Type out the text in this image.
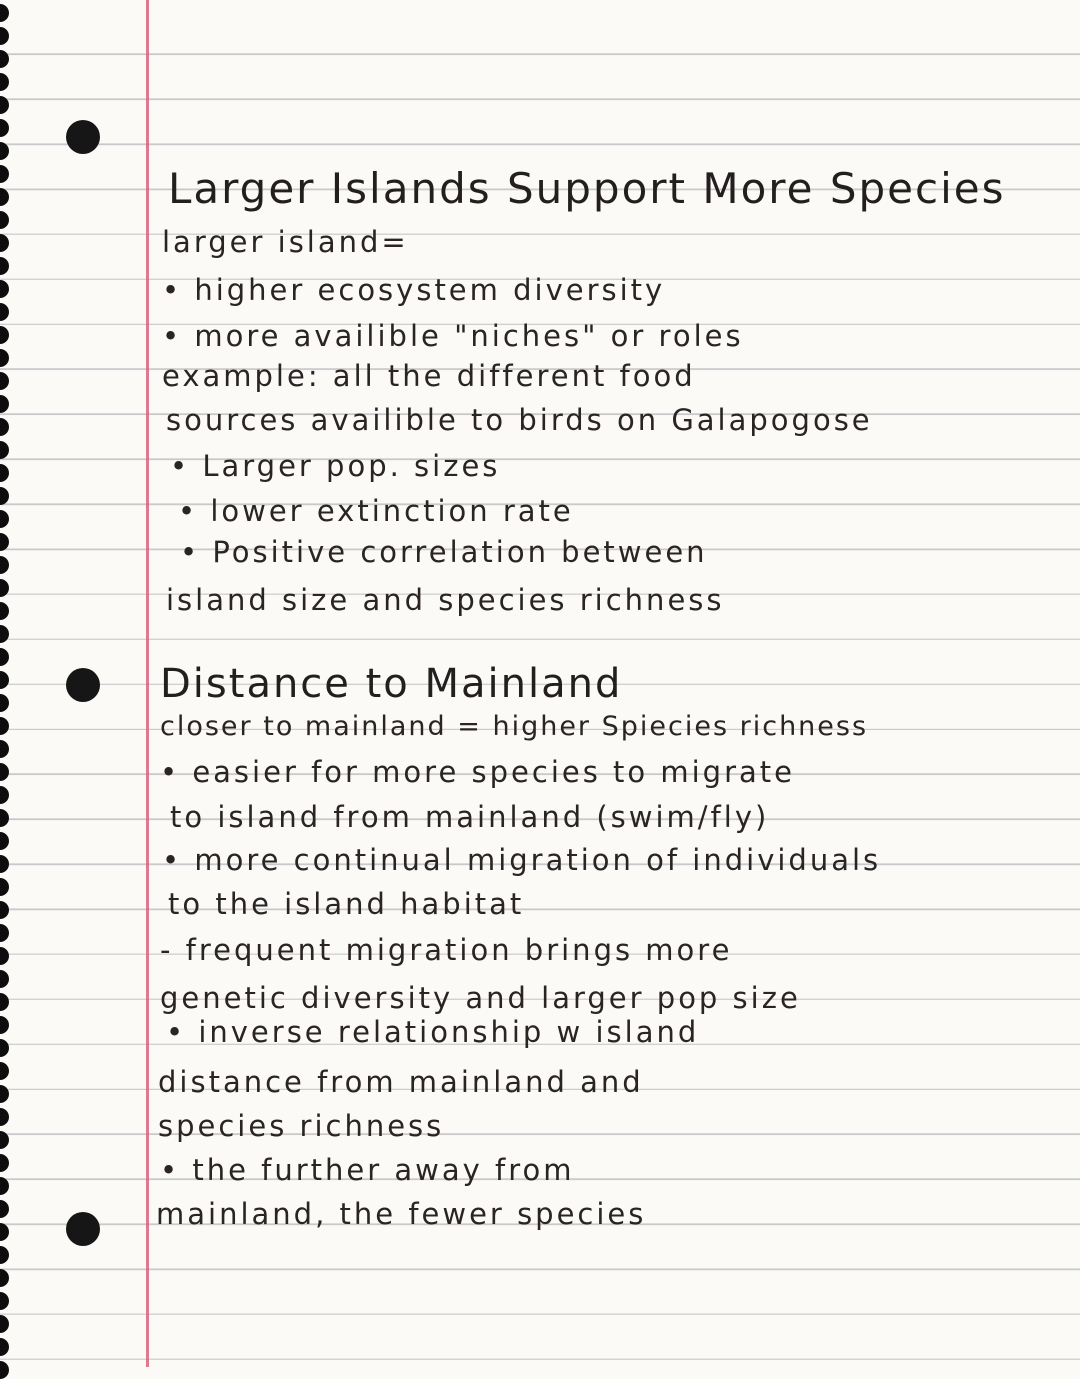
Larger Islands Support More Species
larger island=
• higher ecosystem diversity
• more availible "niches" or roles
example: all the different food
sources availible to birds on Galapogose
• Larger pop. sizes
• lower extinction rate
• Positive correlation between
island size and species richness
Distance to Mainland
closer to mainland = higher Spiecies richness
• easier for more species to migrate
to island from mainland (swim/fly)
• more continual migration of individuals
to the island habitat
- frequent migration brings more
genetic diversity and larger pop size
• inverse relationship w island
distance from mainland and
species richness
• the further away from
mainland, the fewer species
